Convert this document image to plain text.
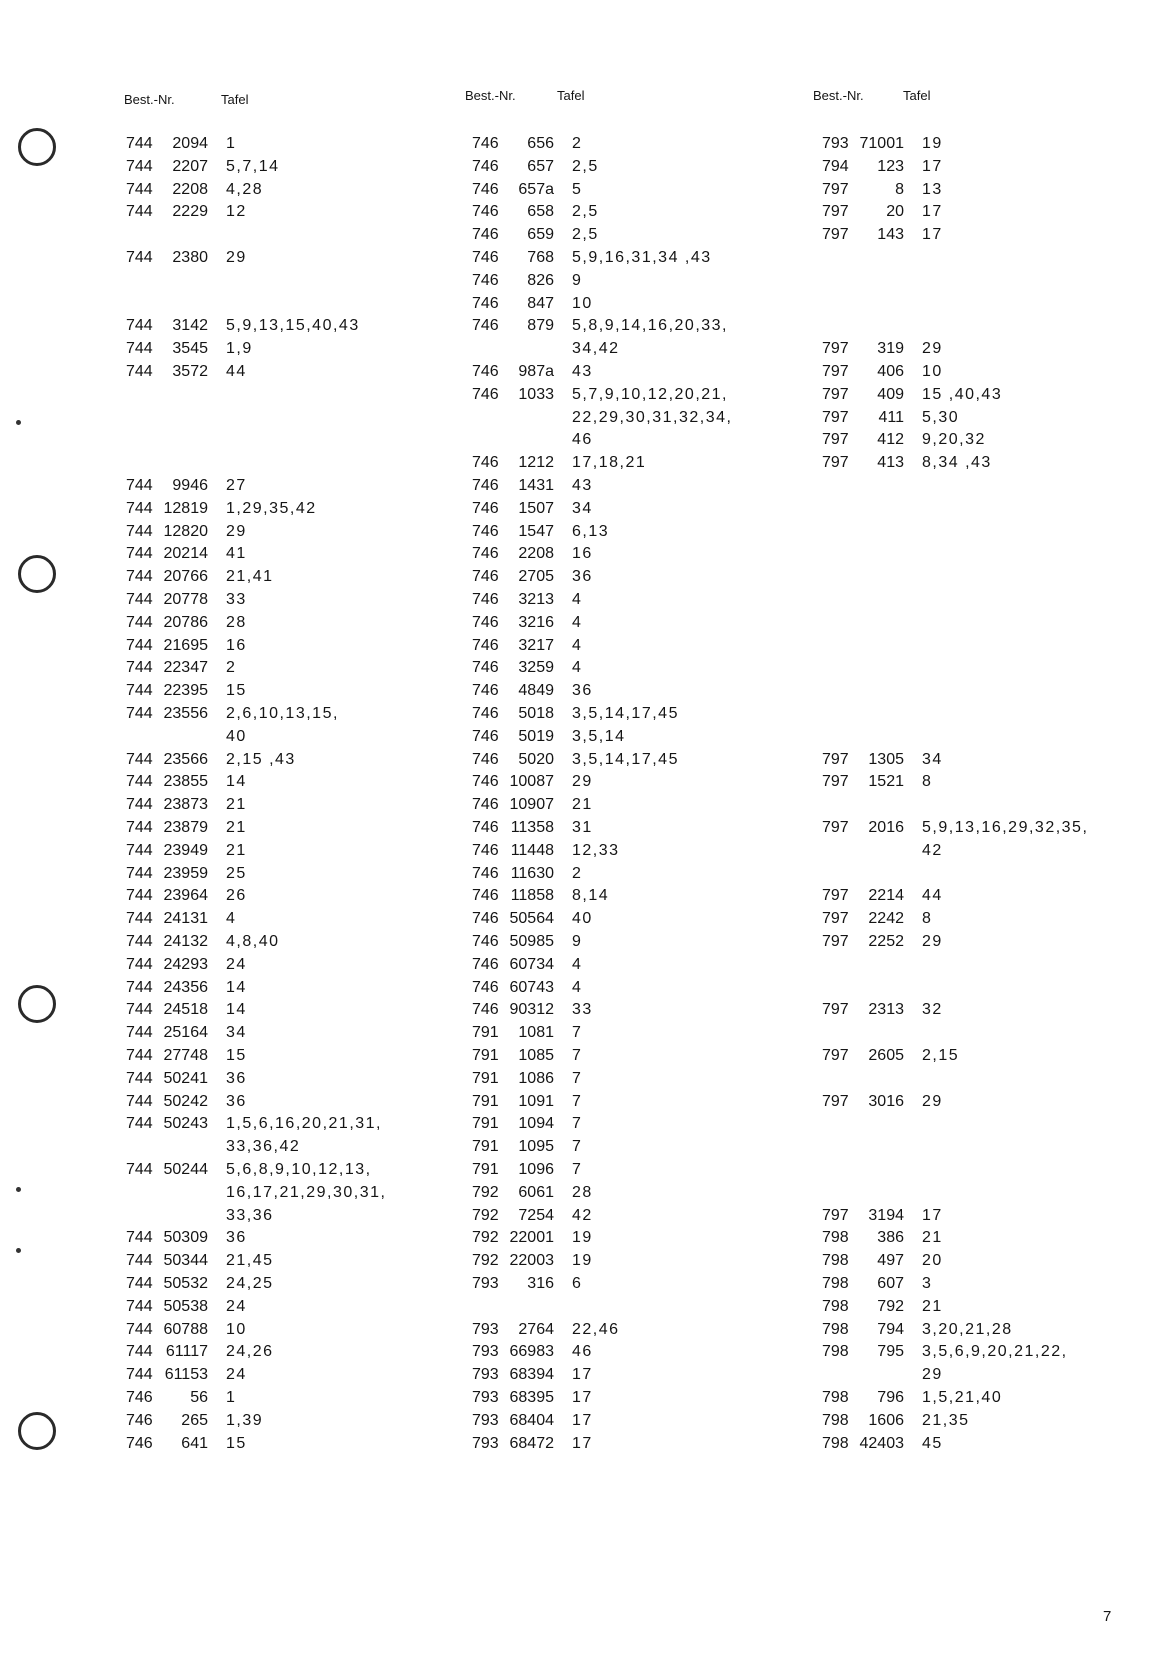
Best.-Nr.	Tafel
744	2094 1
744	2207 5,7,14
744	2208 4,28
744	2229 12
744	2380 29
744	3142 5,9,13,15,40,43
744	3545 1,9
744	3572 44
744	9946 27
744 12819 1,29,35,42
744 12820 29
744 20214 41
744 20766 21,41
744 20778 33
744 20786 28
744 21695 16
744 22347 2
744 22395 15
744 23556 2,6,10,13,15,
40
744 23566 2,15 ,43
744 23855 14
744 23873 21
744 23879 21
744 23949 21
744 23959 25
744 23964 26
744 24131 4
744 24132 4,8,40
744 24293 24
744 24356 14
744 24518 14
744 25164 34
744 27748 15
744 50241 36
744 50242 36
744 50243 1,5,6,16,20,21,31,
33,36,42
744 50244 5,6,8,9,10,12,13,
16,17,21,29,30,31,
33,36
744 50309 36
744 50344 21,45
744 50532 24,25
744 50538 24
744 60788 10
744 61117 24,26
744 61153 24
746	56 1
746	265 1,39
746	641 15
Best.-Nr.	Tafel
746	656 2
746	657 2,5
746	657a 5
746	658 2,5
746	659 2,5
746	768 5,9,16,31,34 ,43
746	826 9
746	847 10
746	879 5,8,9,14,16,20,33,
34,42
746	987a 43
746	1033 5,7,9,10,12,20,21,
22,29,30,31,32,34,
46
746	1212 17,18,21
746	1431 43
746	1507 34
746	1547 6,13
746	2208 16
746	2705 36
746	3213 4
746	3216 4
746	3217 4
746	3259 4
746	4849 36
746	5018 3,5,14,17,45
746	5019 3,5,14
746	5020 3,5,14,17,45
746 10087 29
746 10907 21
746 11358 31
746 11448 12,33
746 11630 2
746 11858 8,14
746 50564 40
746 50985 9
746 60734 4
746 60743 4
746 90312 33
791	1081 7
791	1085 7
791	1086 7
791	1091 7
791	1094 7
791	1095 7
791	1096 7
792	6061 28
792	7254 42
792 22001 19
792 22003 19
793	316 6
793	2764 22,46
793 66983 46
793 68394 17
793 68395 17
793 68404 17
793 68472 17
Best.-Nr.	Tafel
793 71001 19
794	123 17
797	8 13
797	20 17
797	143 17
797	319 29
797	406 10
797	409 15 ,40,43
797	411 5,30
797	412 9,20,32
797	413 8,34 ,43
797	1305 34
797	1521 8
797	2016 5,9,13,16,29,32,35,
42
797	2214 44
797	2242 8
797	2252 29
797	2313 32
797	2605 2,15
797	3016 29
797	3194 17
798	386 21
798	497 20
798	607 3
798	792 21
798	794 3,20,21,28
798	795 3,5,6,9,20,21,22,
29
798	796 1,5,21,40
798	1606 21,35
798 42403 45
7
